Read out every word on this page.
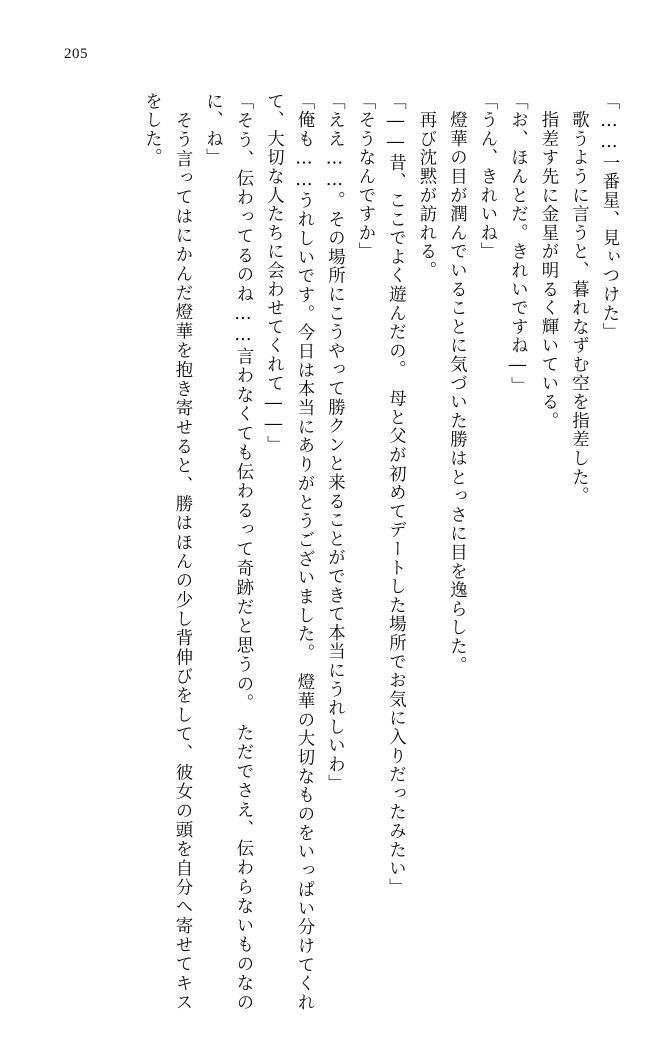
205

「……一番星、見ぃつけた」

　歌うように言うと、暮れなずむ空を指差した。

　指差す先に金星が明るく輝いている。

「お、ほんとだ。きれいですね―」

「うん、きれいね」

　燈華の目が潤んでいることに気づいた勝はとっさに目を逸らした。

　再び沈黙が訪れる。

「――昔、ここでよく遊んだの。　母と父が初めてデートした場所でお気に入りだったみたい」

「そうなんですか」

「ええ……。その場所にこうやって勝クンと来ることができて本当にうれしいわ」

「俺も……うれしいです。今日は本当にありがとうございました。　燈華の大切なものをいっぱい分けてくれて、大切な人たちに会わせてくれて――」

「そう、伝わってるのね……言わなくても伝わるって奇跡だと思うの。　ただでさえ、伝わらないものなのに、ね」

　そう言ってはにかんだ燈華を抱き寄せると、勝はほんの少し背伸びをして、彼女の頭を自分へ寄せてキスをした。
